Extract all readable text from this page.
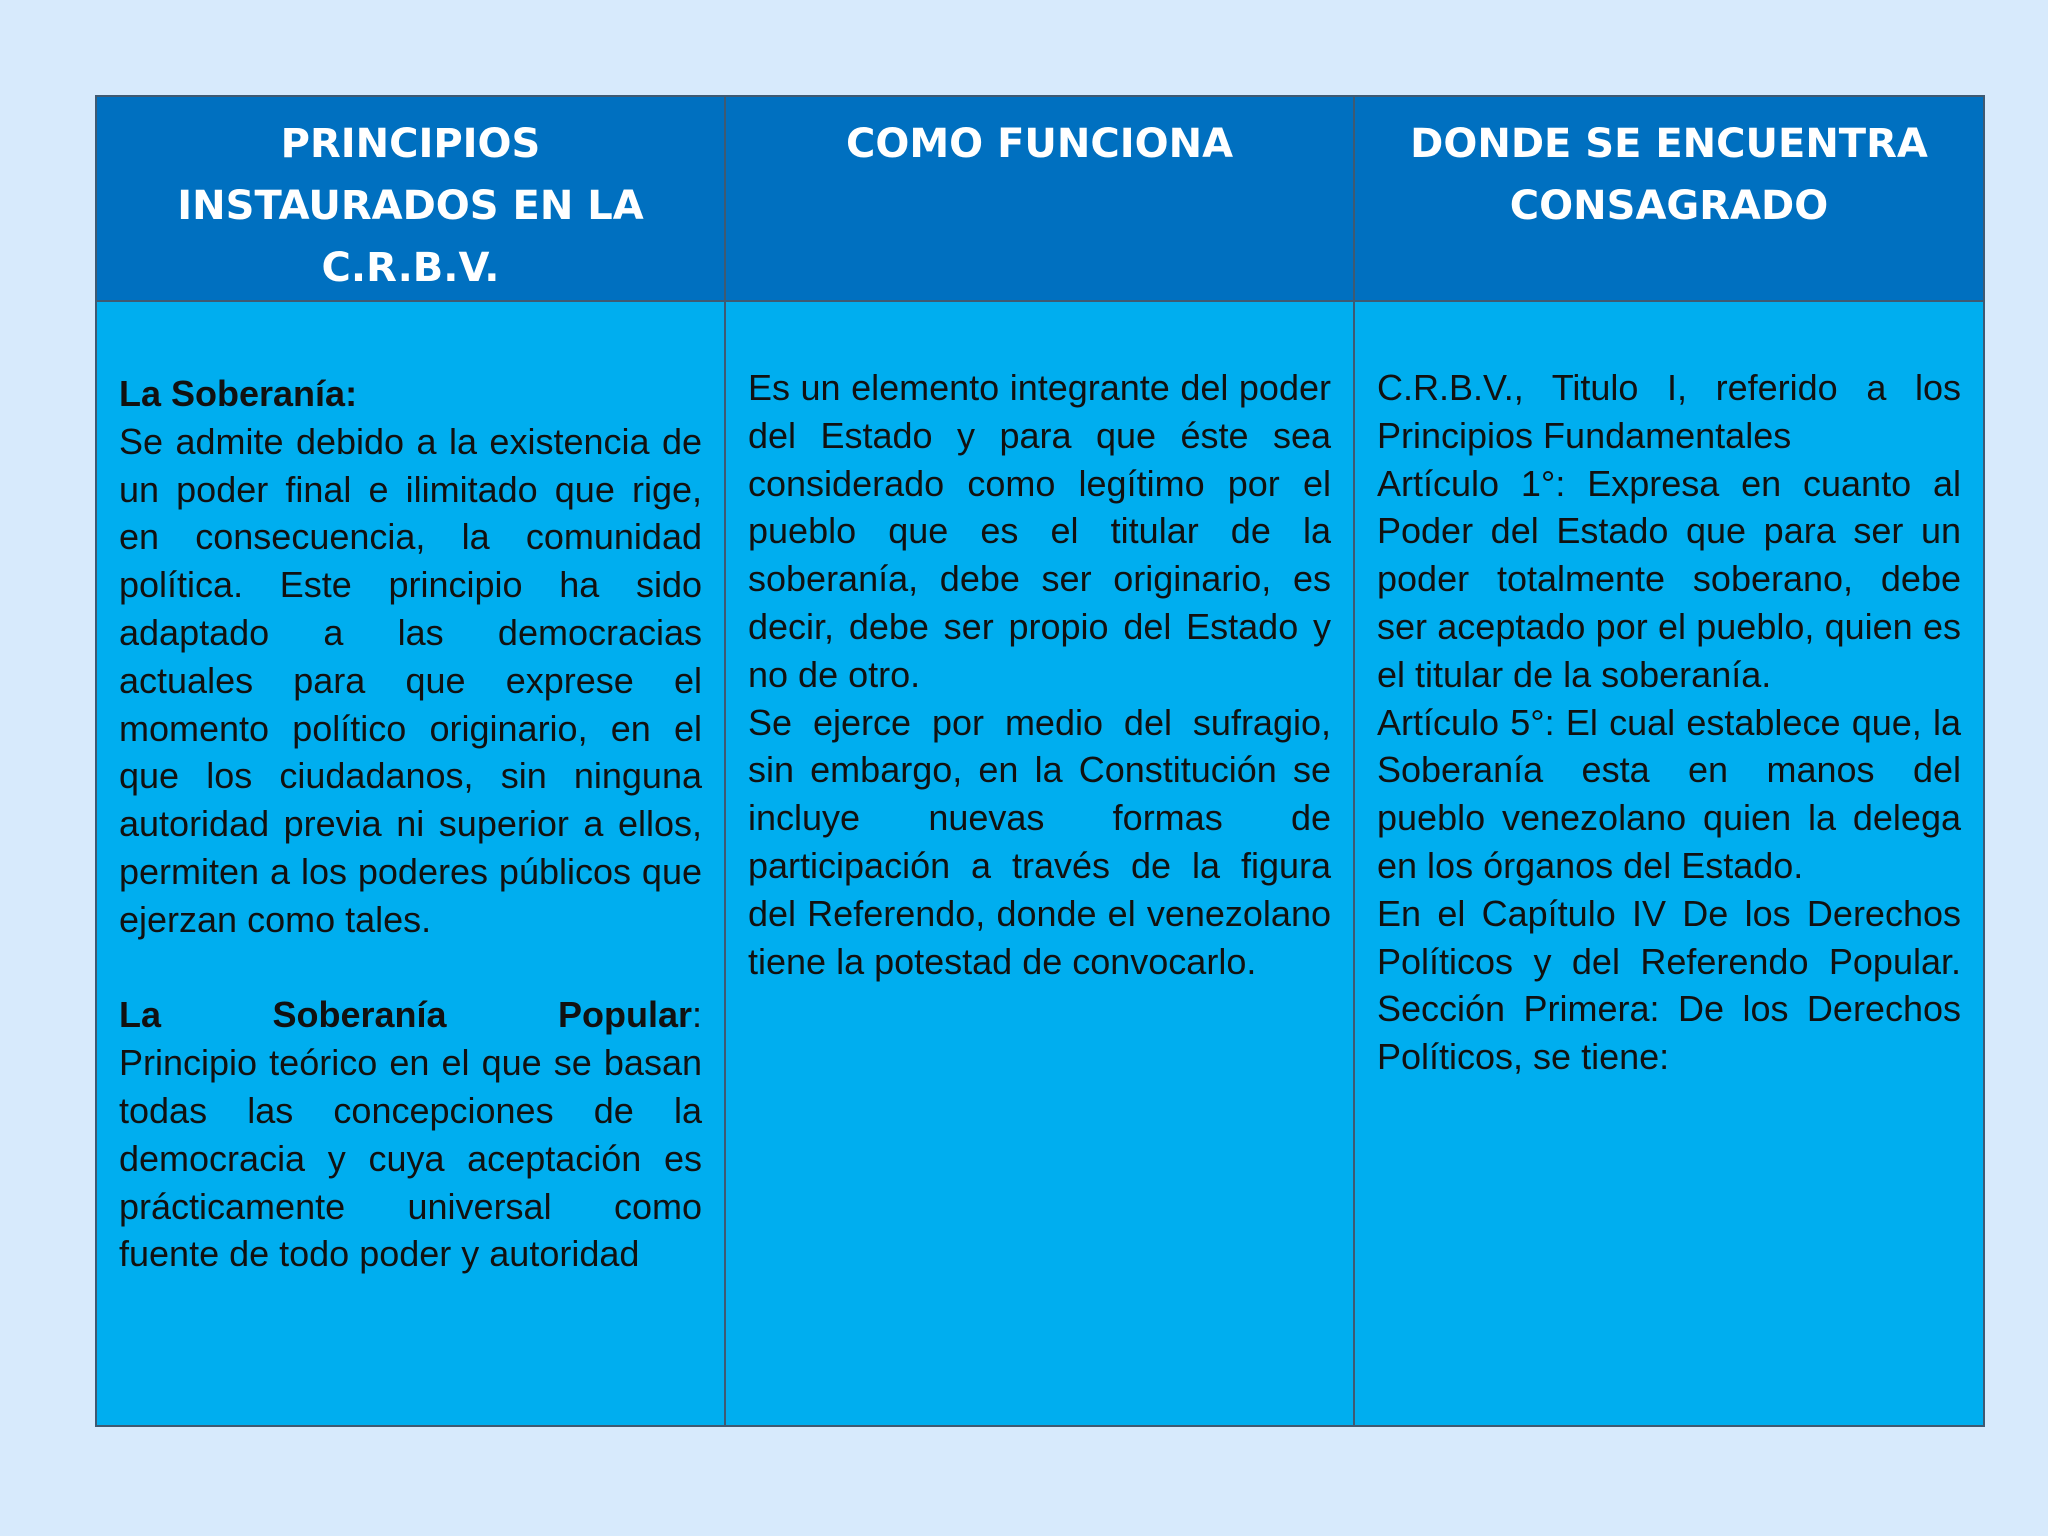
PRINCIPIOS INSTAURADOS EN LA C.R.B.V.
COMO FUNCIONA	DONDE SE ENCUENTRA CONSAGRADO
La Soberanía:

Se admite debido a la existencia de un poder final e ilimitado que rige, en consecuencia, la comunidad política. Este principio ha sido adaptado a las democracias actuales para que exprese el momento político originario, en el que los ciudadanos, sin ninguna autoridad previa ni superior a ellos, permiten a los poderes públicos que ejerzan como tales.

La Soberanía Popular:

Principio teórico en el que se basan todas las concepciones de la democracia y cuya aceptación es prácticamente universal como fuente de todo poder y autoridad

Es un elemento integrante del poder del Estado y para que éste sea considerado como legítimo por el pueblo que es el titular de la soberanía, debe ser originario, es decir, debe ser propio del Estado y no de otro.

Se ejerce por medio del sufragio, sin embargo, en la Constitución se incluye nuevas formas de participación a través de la figura del Referendo, donde el venezolano tiene la potestad de convocarlo.

C.R.B.V., Titulo I, referido a los Principios Fundamentales

Artículo 1°: Expresa en cuanto al Poder del Estado que para ser un poder totalmente soberano, debe ser aceptado por el pueblo, quien es el titular de la soberanía.

Artículo 5°: El cual establece que, la Soberanía esta en manos del pueblo venezolano quien la delega en los órganos del Estado.

En el Capítulo IV De los Derechos Políticos y del Referendo Popular. Sección Primera: De los Derechos Políticos, se tiene:
